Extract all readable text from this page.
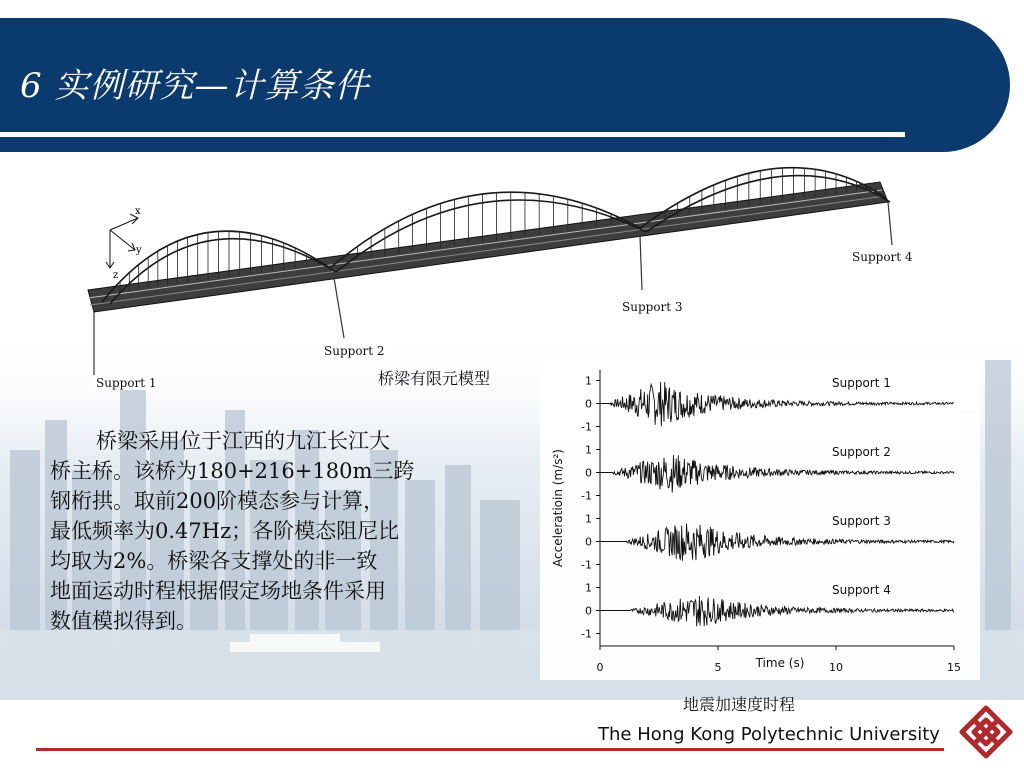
6 实例研究—计算条件
x
y
z
Support 1
Support 2
Support 3
Support 4
桥梁有限元模型
桥梁采用位于江西的九江长江大
桥主桥。该桥为180+216+180m三跨
钢桁拱。取前200阶模态参与计算，
最低频率为0.47Hz；各阶模态阻尼比
均取为2%。桥梁各支撑处的非一致
地面运动时程根据假定场地条件采用
数值模拟得到。
1
0
-1
Support 1
1
0
-1
Support 2
1
0
-1
Support 3
1
0
-1
Support 4
0	5	10	15
Time (s)
Acceleratioin (m/s²)
地震加速度时程
The Hong Kong Polytechnic University
